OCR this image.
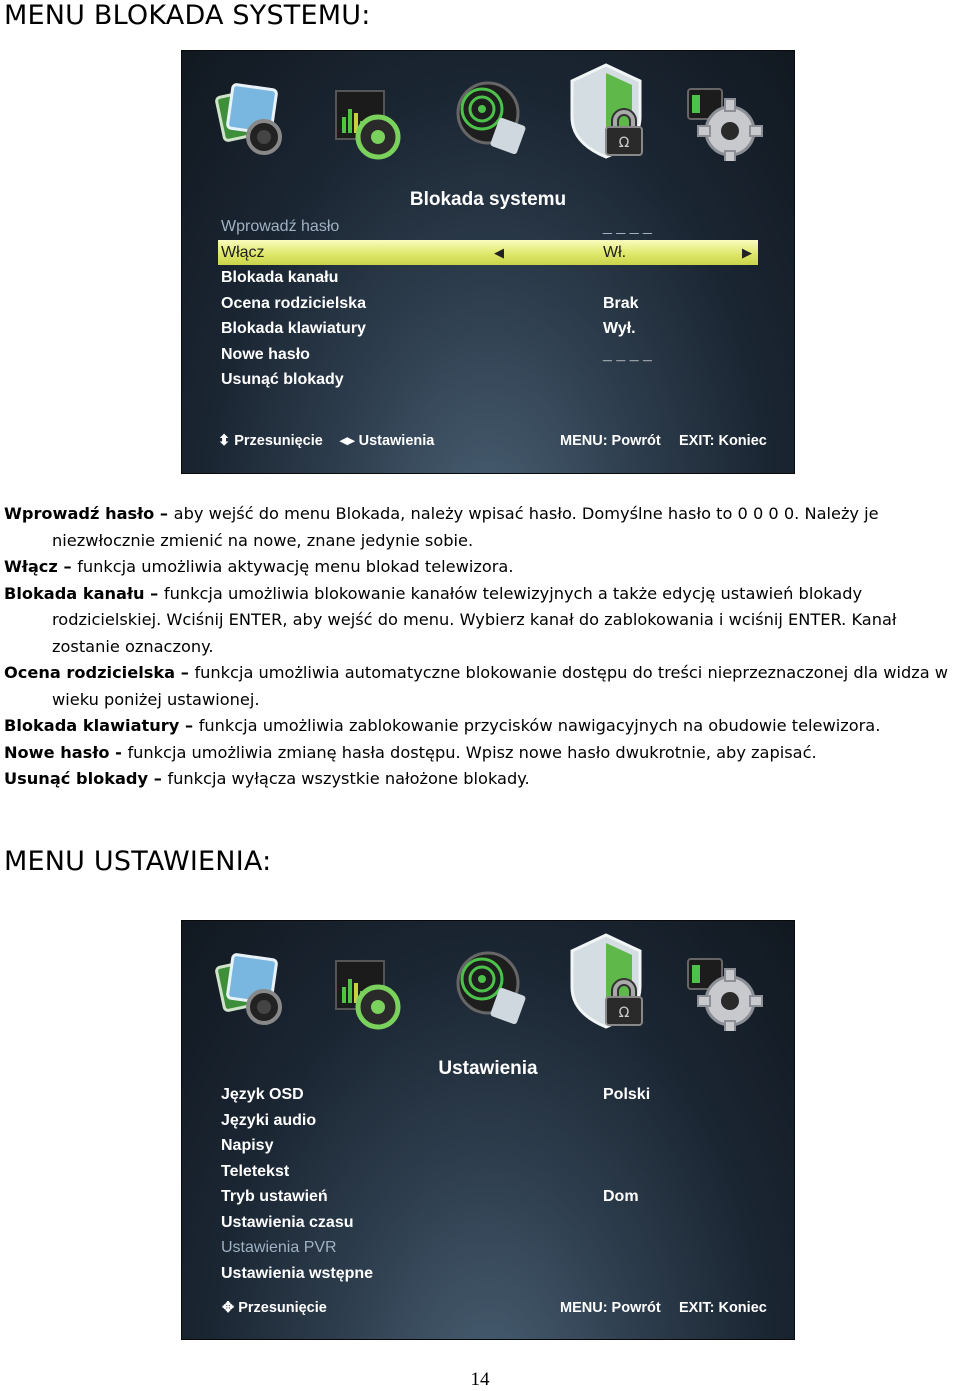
MENU BLOKADA SYSTEMU:
Ω
Blokada systemu
Wprowadź hasło	_ _ _ _
Włącz	Wł.
◀	▶
Blokada kanału
Ocena rodzicielska	Brak
Blokada klawiatury	Wył.
Nowe hasło	_ _ _ _
Usunąć blokady
⬍ Przesunięcie ◂▸ Ustawienia	MENU: Powrót EXIT: Koniec

Wprowadź hasło – aby wejść do menu Blokada, należy wpisać hasło. Domyślne hasło to 0 0 0 0. Należy je niezwłocznie zmienić na nowe, znane jedynie sobie.

Włącz – funkcja umożliwia aktywację menu blokad telewizora.

Blokada kanału – funkcja umożliwia blokowanie kanałów telewizyjnych a także edycję ustawień blokady rodzicielskiej. Wciśnij ENTER, aby wejść do menu. Wybierz kanał do zablokowania i wciśnij ENTER. Kanał zostanie oznaczony.

Ocena rodzicielska – funkcja umożliwia automatyczne blokowanie dostępu do treści nieprzeznaczonej dla widza w wieku poniżej ustawionej.

Blokada klawiatury – funkcja umożliwia zablokowanie przycisków nawigacyjnych na obudowie telewizora.

Nowe hasło - funkcja umożliwia zmianę hasła dostępu. Wpisz nowe hasło dwukrotnie, aby zapisać.

Usunąć blokady – funkcja wyłącza wszystkie nałożone blokady.

MENU USTAWIENIA:
Ω
Ustawienia
Język OSD	Polski
Języki audio
Napisy
Teletekst
Tryb ustawień	Dom
Ustawienia czasu
Ustawienia PVR
Ustawienia wstępne
✥ Przesunięcie	MENU: Powrót EXIT: Koniec
14
